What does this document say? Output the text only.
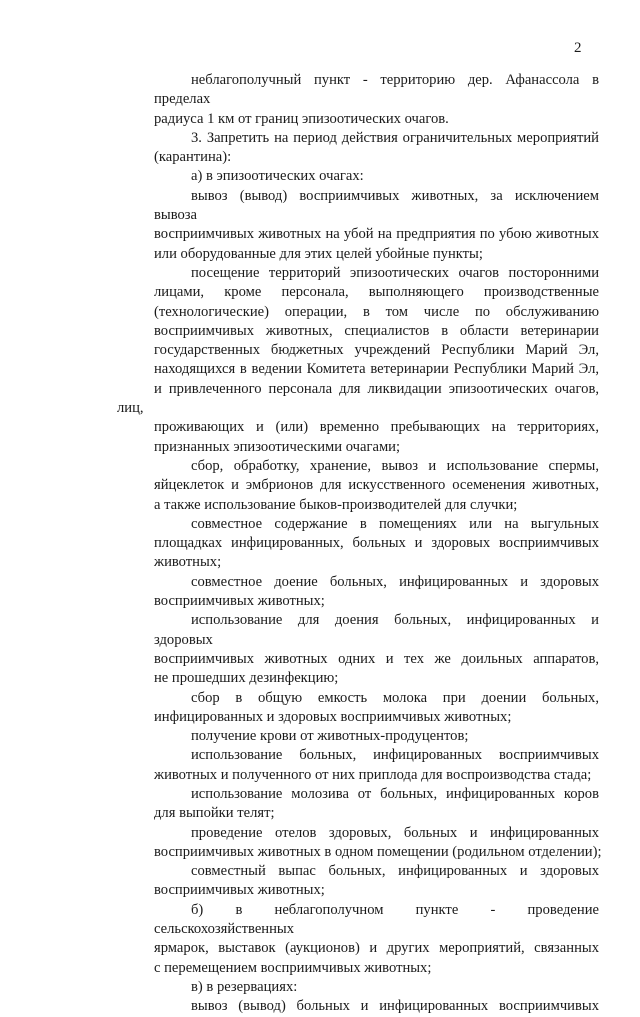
2
неблагополучный пункт - территорию дер. Афанассола в пределах
радиуса 1 км от границ эпизоотических очагов.
3. Запретить на период действия ограничительных мероприятий
(карантина):
а) в эпизоотических очагах:
вывоз (вывод) восприимчивых животных, за исключением вывоза
восприимчивых животных на убой на предприятия по убою животных
или оборудованные для этих целей убойные пункты;
посещение территорий эпизоотических очагов посторонними
лицами, кроме персонала, выполняющего производственные
(технологические) операции, в том числе по обслуживанию
восприимчивых животных, специалистов в области ветеринарии
государственных бюджетных учреждений Республики Марий Эл,
находящихся в ведении Комитета ветеринарии Республики Марий Эл,
и привлеченного персонала для ликвидации эпизоотических очагов, лиц,
проживающих и (или) временно пребывающих на территориях,
признанных эпизоотическими очагами;
сбор, обработку, хранение, вывоз и использование спермы,
яйцеклеток и эмбрионов для искусственного осеменения животных,
а также использование быков-производителей для случки;
совместное содержание в помещениях или на выгульных
площадках инфицированных, больных и здоровых восприимчивых
животных;
совместное доение больных, инфицированных и здоровых
восприимчивых животных;
использование для доения больных, инфицированных и здоровых
восприимчивых животных одних и тех же доильных аппаратов,
не прошедших дезинфекцию;
сбор в общую емкость молока при доении больных,
инфицированных и здоровых восприимчивых животных;
получение крови от животных-продуцентов;
использование больных, инфицированных восприимчивых
животных и полученного от них приплода для воспроизводства стада;
использование молозива от больных, инфицированных коров
для выпойки телят;
проведение отелов здоровых, больных и инфицированных
восприимчивых животных в одном помещении (родильном отделении);
совместный выпас больных, инфицированных и здоровых
восприимчивых животных;
б) в неблагополучном пункте - проведение сельскохозяйственных
ярмарок, выставок (аукционов) и других мероприятий, связанных
с перемещением восприимчивых животных;
в) в резервациях:
вывоз (вывод) больных и инфицированных восприимчивых
